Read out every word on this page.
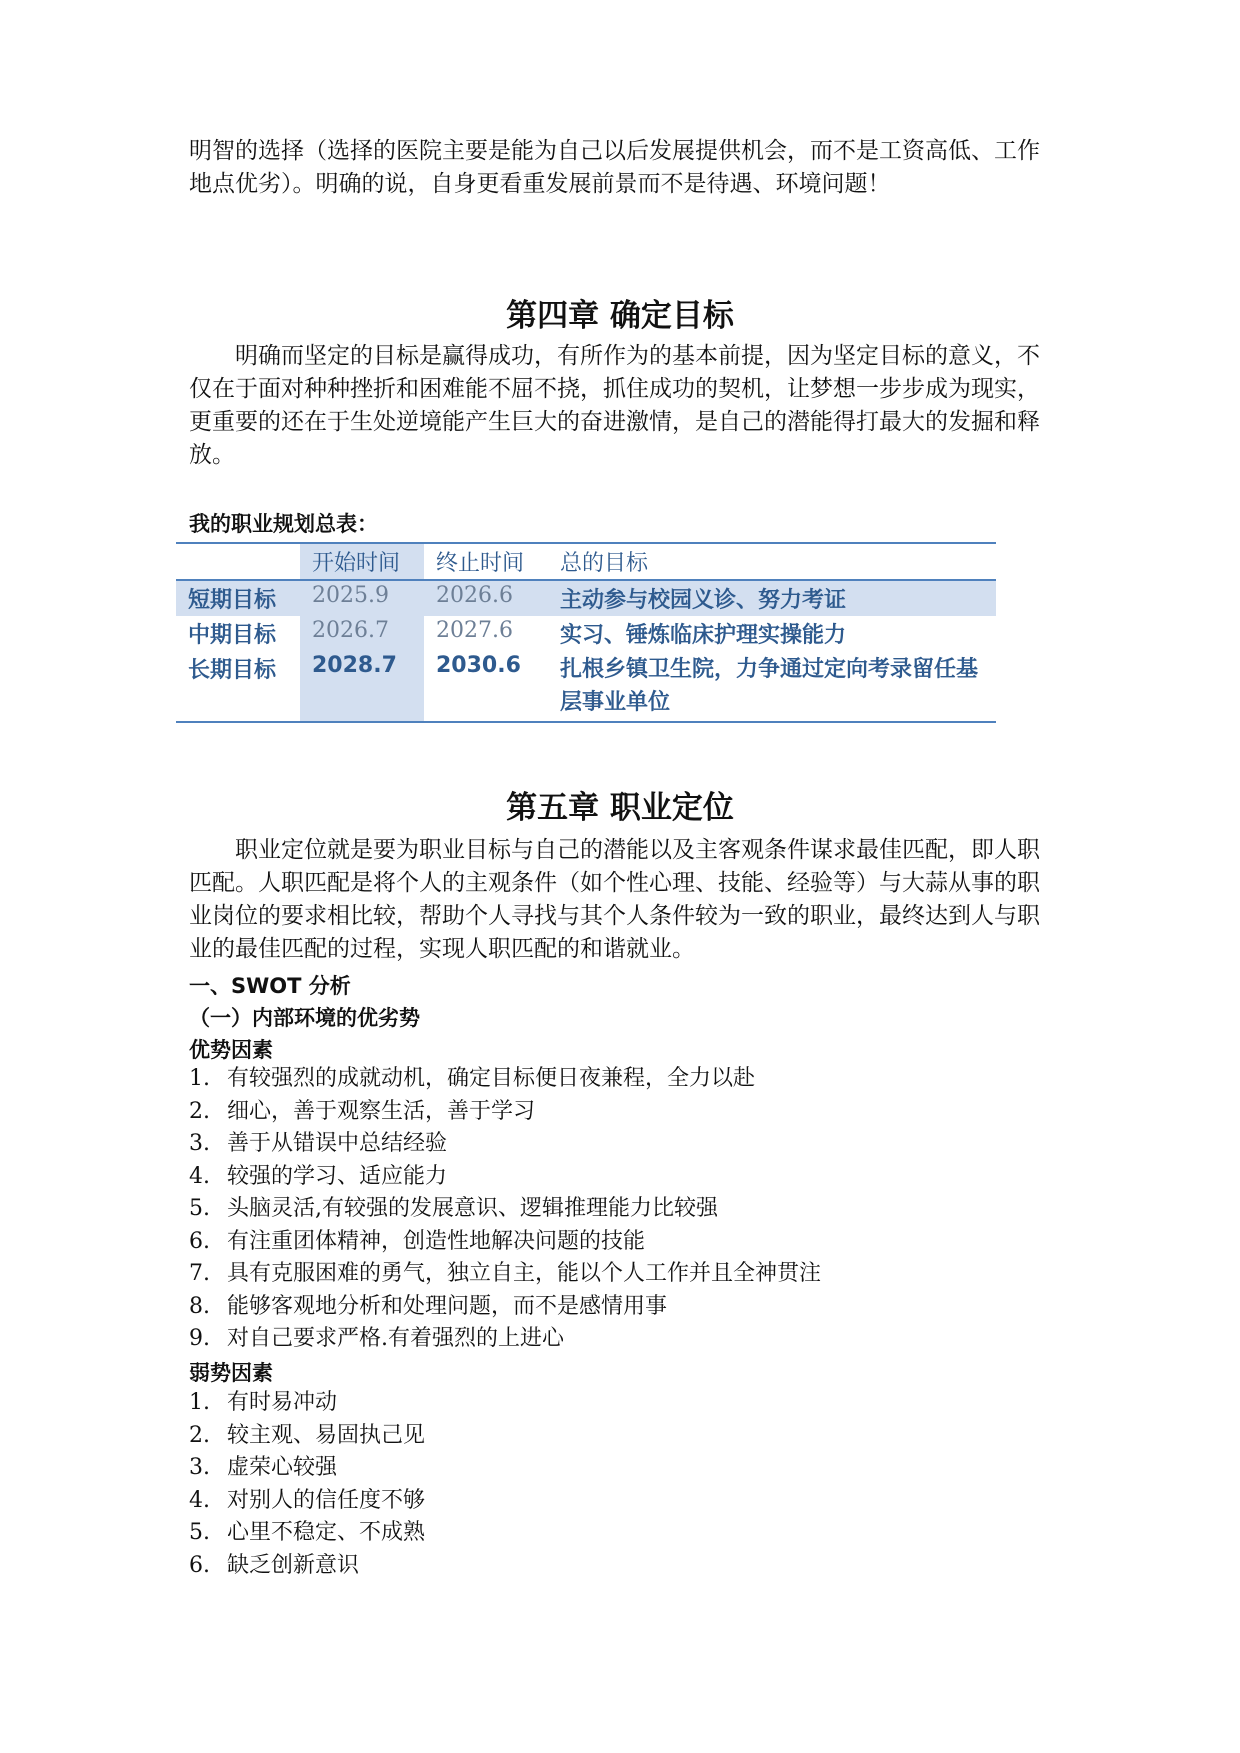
明智的选择（选择的医院主要是能为自己以后发展提供机会，而不是工资高低、工作地点优劣）。明确的说，自身更看重发展前景而不是待遇、环境问题！

第四章 确定目标

明确而坚定的目标是赢得成功，有所作为的基本前提，因为坚定目标的意义，不仅在于面对种种挫折和困难能不屈不挠，抓住成功的契机，让梦想一步步成为现实，更重要的还在于生处逆境能产生巨大的奋进激情，是自己的潜能得打最大的发掘和释放。

我的职业规划总表：

	开始时间	终止时间	总的目标
短期目标	2025.9	2026.6	主动参与校园义诊、努力考证
中期目标	2026.7	2027.6	实习、锤炼临床护理实操能力
长期目标	2028.7	2030.6	扎根乡镇卫生院，力争通过定向考录留任基层事业单位
第五章 职业定位

职业定位就是要为职业目标与自己的潜能以及主客观条件谋求最佳匹配，即人职匹配。人职匹配是将个人的主观条件（如个性心理、技能、经验等）与大蒜从事的职业岗位的要求相比较，帮助个人寻找与其个人条件较为一致的职业，最终达到人与职业的最佳匹配的过程，实现人职匹配的和谐就业。

一、SWOT 分析

（一）内部环境的优劣势

优势因素

1. 有较强烈的成就动机，确定目标便日夜兼程，全力以赴
2. 细心，善于观察生活，善于学习
3. 善于从错误中总结经验
4. 较强的学习、适应能力
5. 头脑灵活,有较强的发展意识、逻辑推理能力比较强
6. 有注重团体精神，创造性地解决问题的技能
7. 具有克服困难的勇气，独立自主，能以个人工作并且全神贯注
8. 能够客观地分析和处理问题，而不是感情用事
9. 对自己要求严格.有着强烈的上进心

弱势因素

1. 有时易冲动
2. 较主观、易固执己见
3. 虚荣心较强
4. 对别人的信任度不够
5. 心里不稳定、不成熟
6. 缺乏创新意识
